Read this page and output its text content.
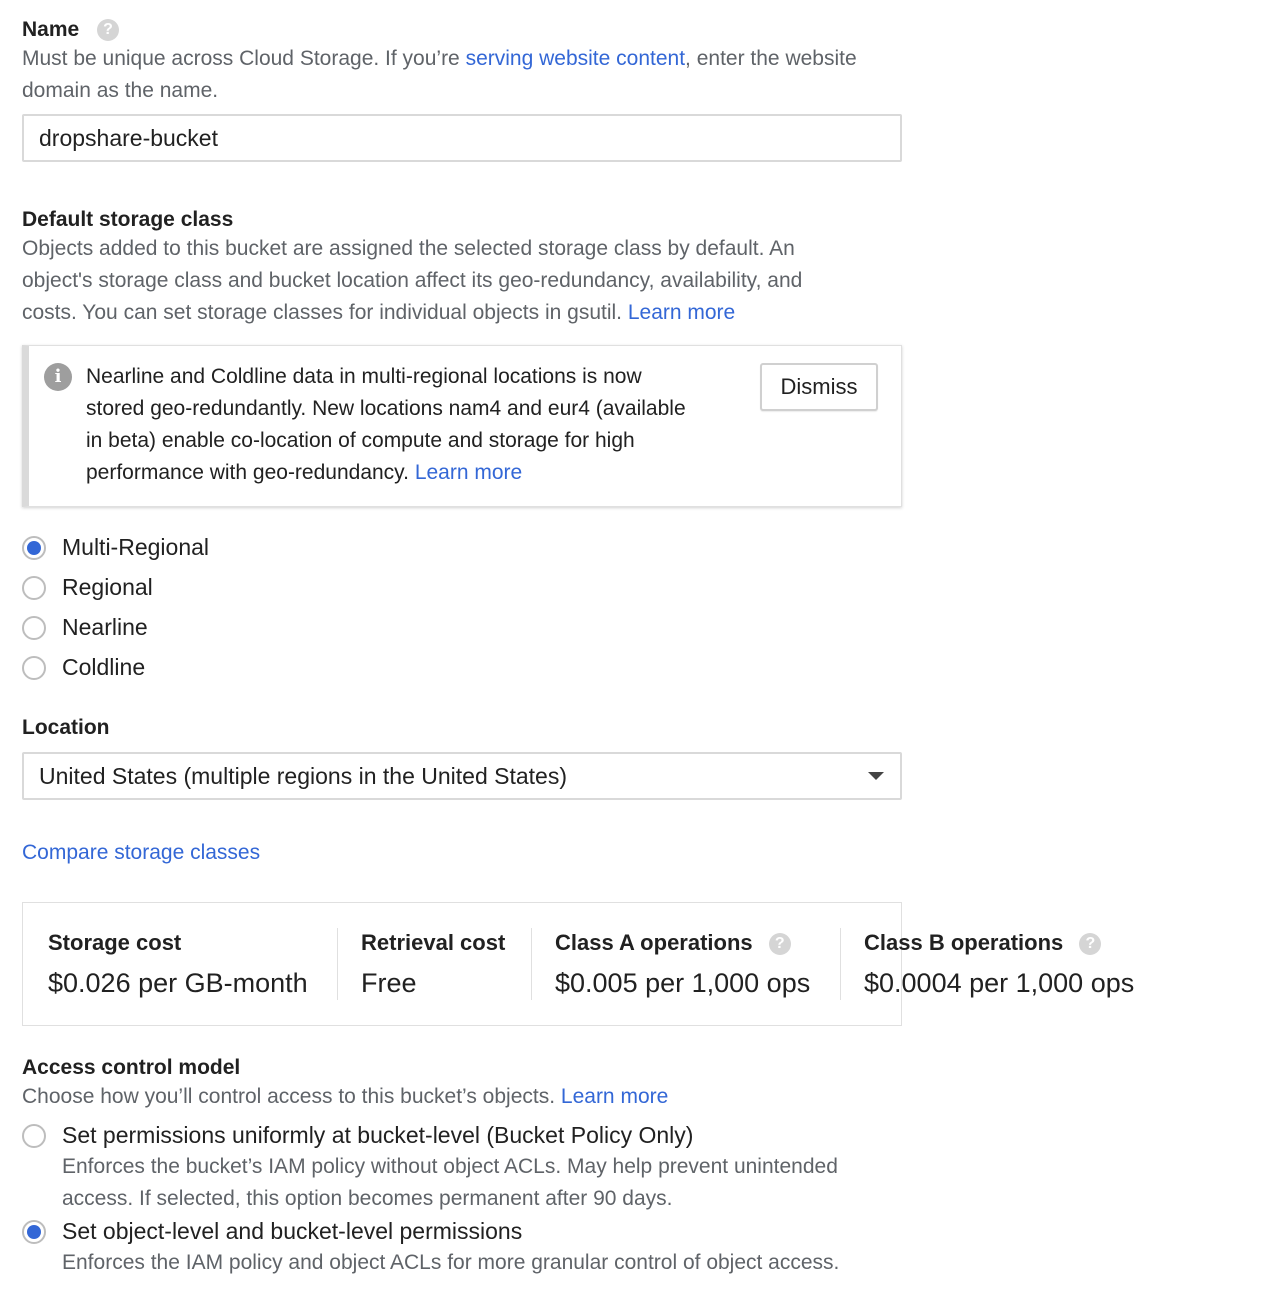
Name ?
Must be unique across Cloud Storage. If you’re serving website content, enter the website
domain as the name.
dropshare-bucket
Default storage class
Objects added to this bucket are assigned the selected storage class by default. An
object's storage class and bucket location affect its geo-redundancy, availability, and
costs. You can set storage classes for individual objects in gsutil. Learn more
i	Nearline and Coldline data in multi-regional locations is now
stored geo-redundantly. New locations nam4 and eur4 (available
in beta) enable co-location of compute and storage for high
performance with geo-redundancy. Learn more
Dismiss
Multi-Regional
Regional
Nearline
Coldline
Location
United States (multiple regions in the United States)
Compare storage classes
Storage cost
$0.026 per GB-month
Retrieval cost
Free
Class A operations ?
$0.005 per 1,000 ops
Class B operations ?
$0.0004 per 1,000 ops
Access control model
Choose how you’ll control access to this bucket’s objects. Learn more
Set permissions uniformly at bucket-level (Bucket Policy Only)
Enforces the bucket’s IAM policy without object ACLs. May help prevent unintended
access. If selected, this option becomes permanent after 90 days.
Set object-level and bucket-level permissions
Enforces the IAM policy and object ACLs for more granular control of object access.
